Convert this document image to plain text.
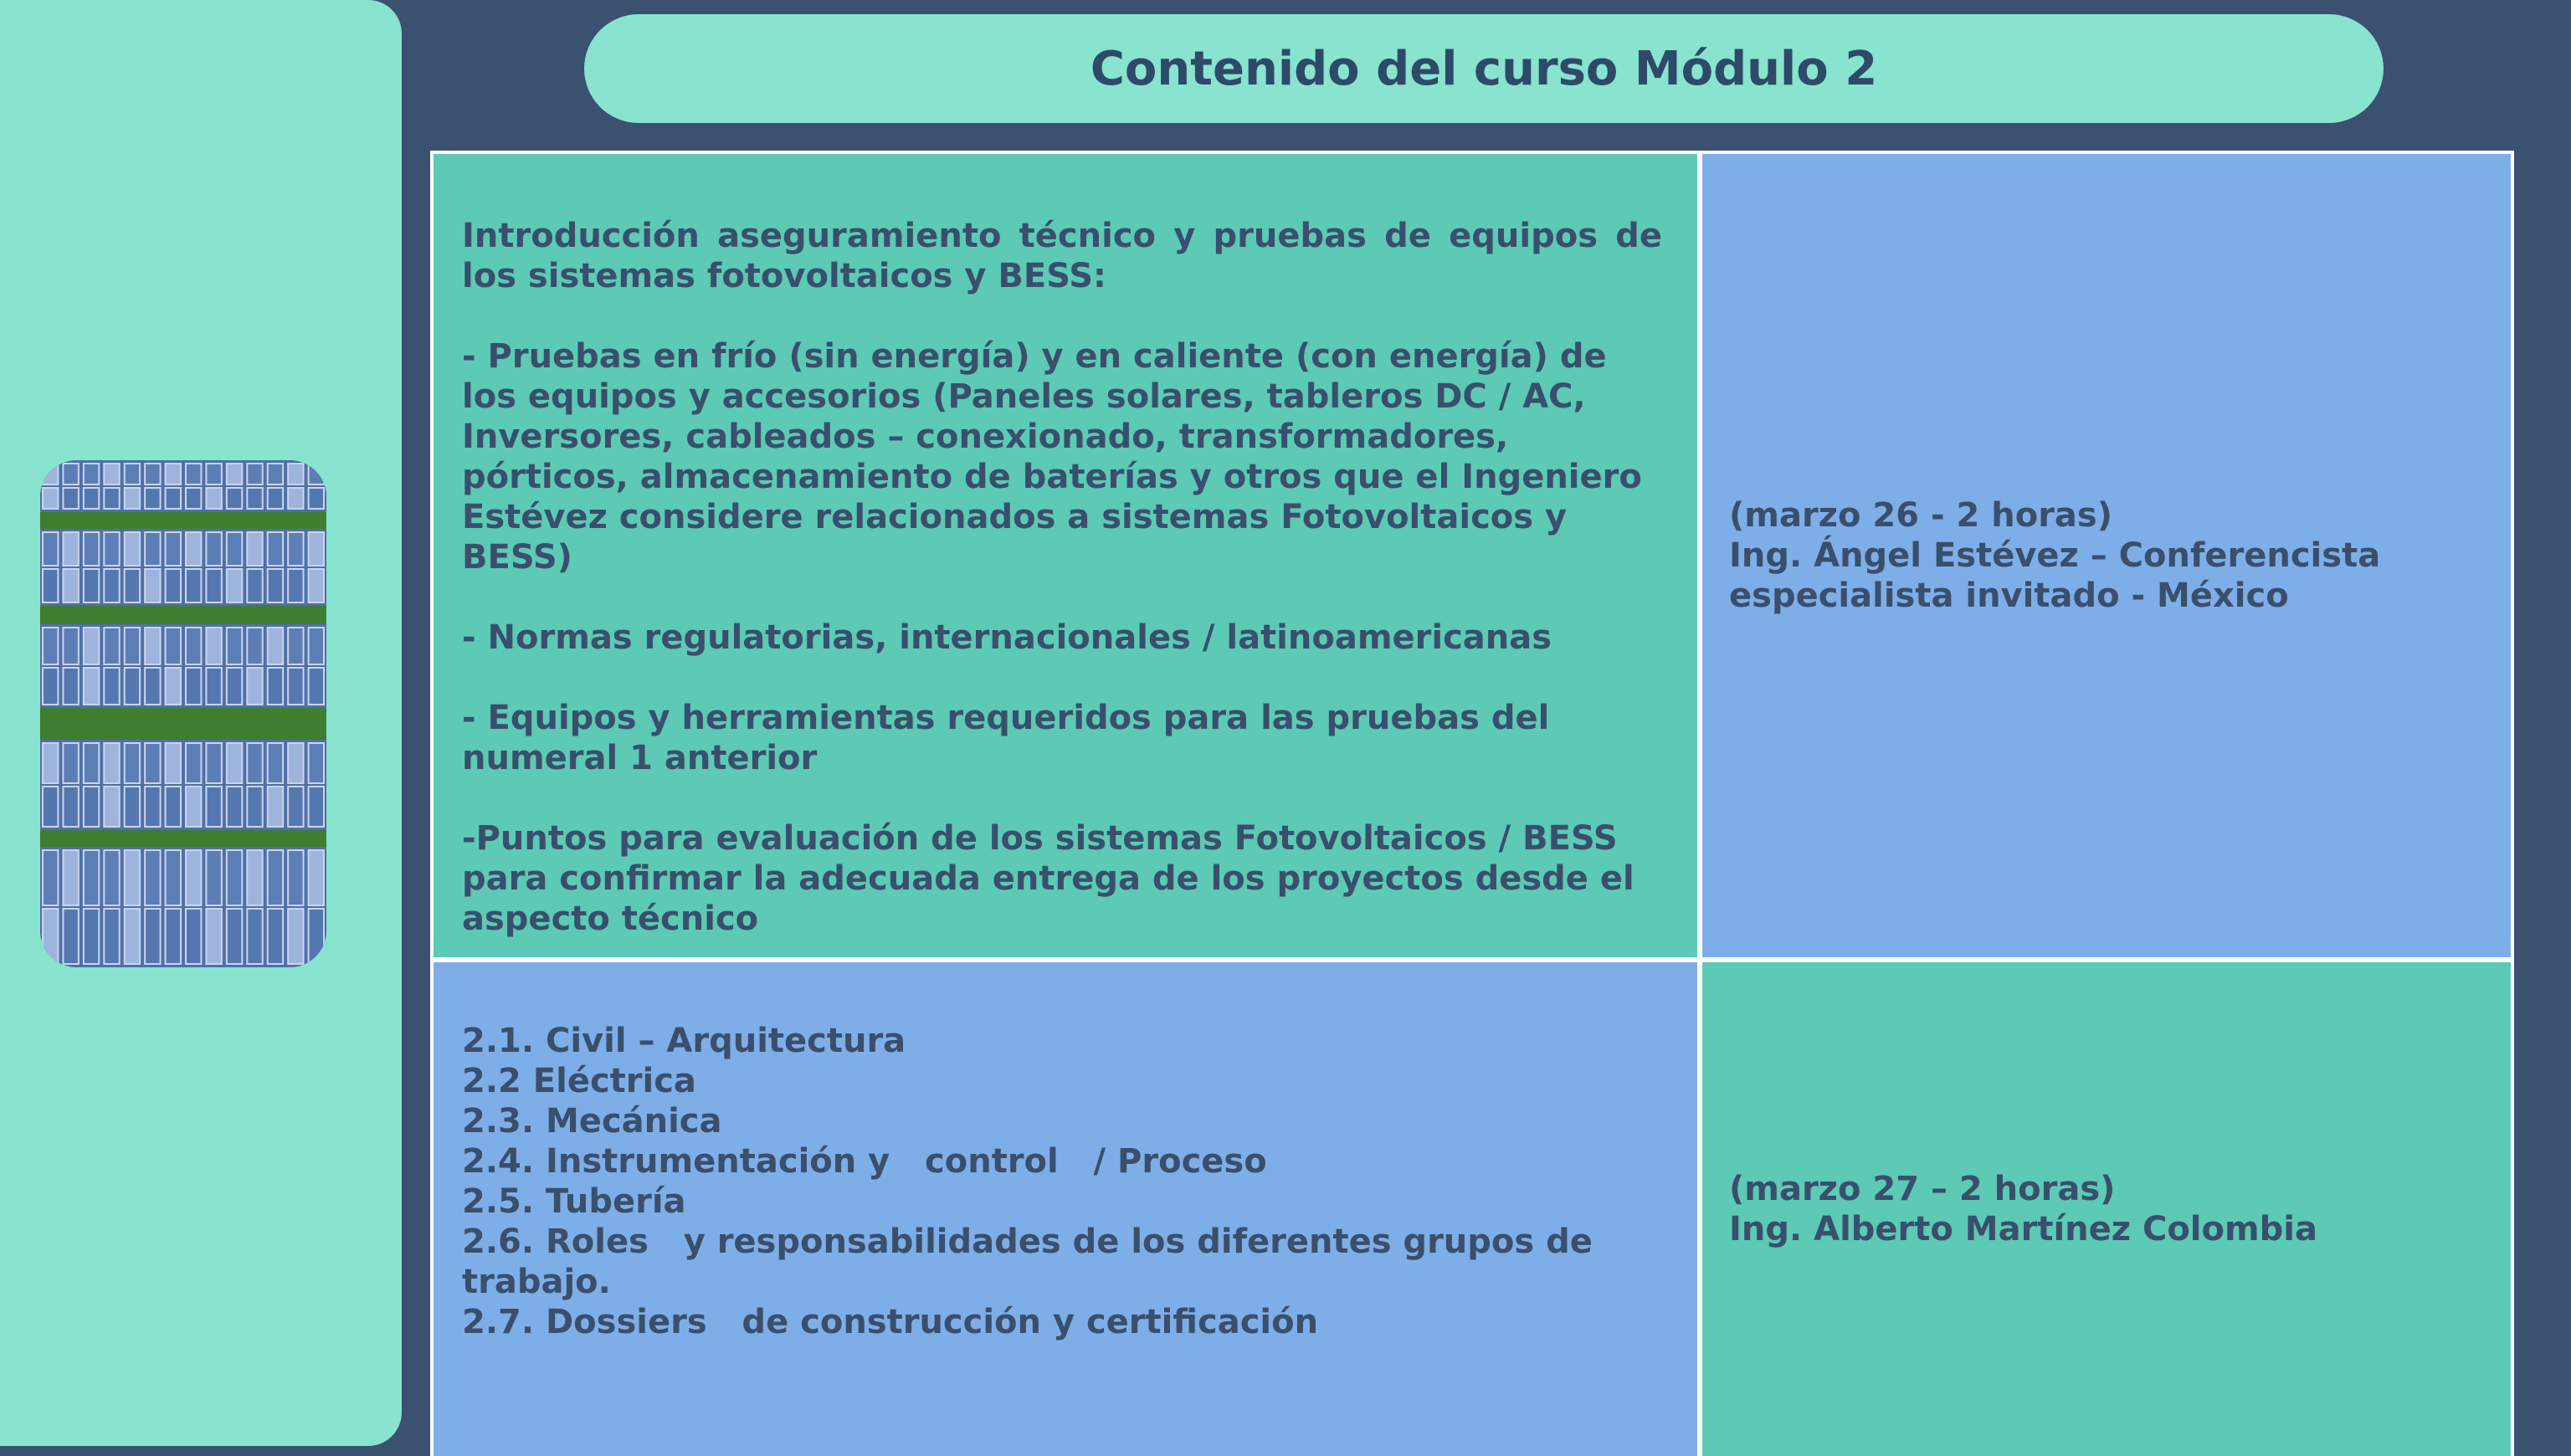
Contenido del curso Módulo 2

Introducción aseguramiento técnico y pruebas de equipos de los sistemas fotovoltaicos y BESS:

- Pruebas en frío (sin energía) y en caliente (con energía) de los equipos y accesorios (Paneles solares, tableros DC / AC, Inversores, cableados – conexionado, transformadores, pórticos, almacenamiento de baterías y otros que el Ingeniero Estévez considere relacionados a sistemas Fotovoltaicos y BESS)

- Normas regulatorias, internacionales / latinoamericanas

- Equipos y herramientas requeridos para las pruebas del numeral 1 anterior

-Puntos para evaluación de los sistemas Fotovoltaicos / BESS para confirmar la adecuada entrega de los proyectos desde el aspecto técnico

(marzo 26 - 2 horas)
Ing. Ángel Estévez – Conferencista especialista invitado - México
2.1. Civil – Arquitectura
2.2 Eléctrica
2.3. Mecánica
2.4. Instrumentación y   control   / Proceso
2.5. Tubería
2.6. Roles   y responsabilidades de los diferentes grupos de
trabajo.
2.7. Dossiers   de construcción y certificación
(marzo 27 – 2 horas)
Ing. Alberto Martínez Colombia
